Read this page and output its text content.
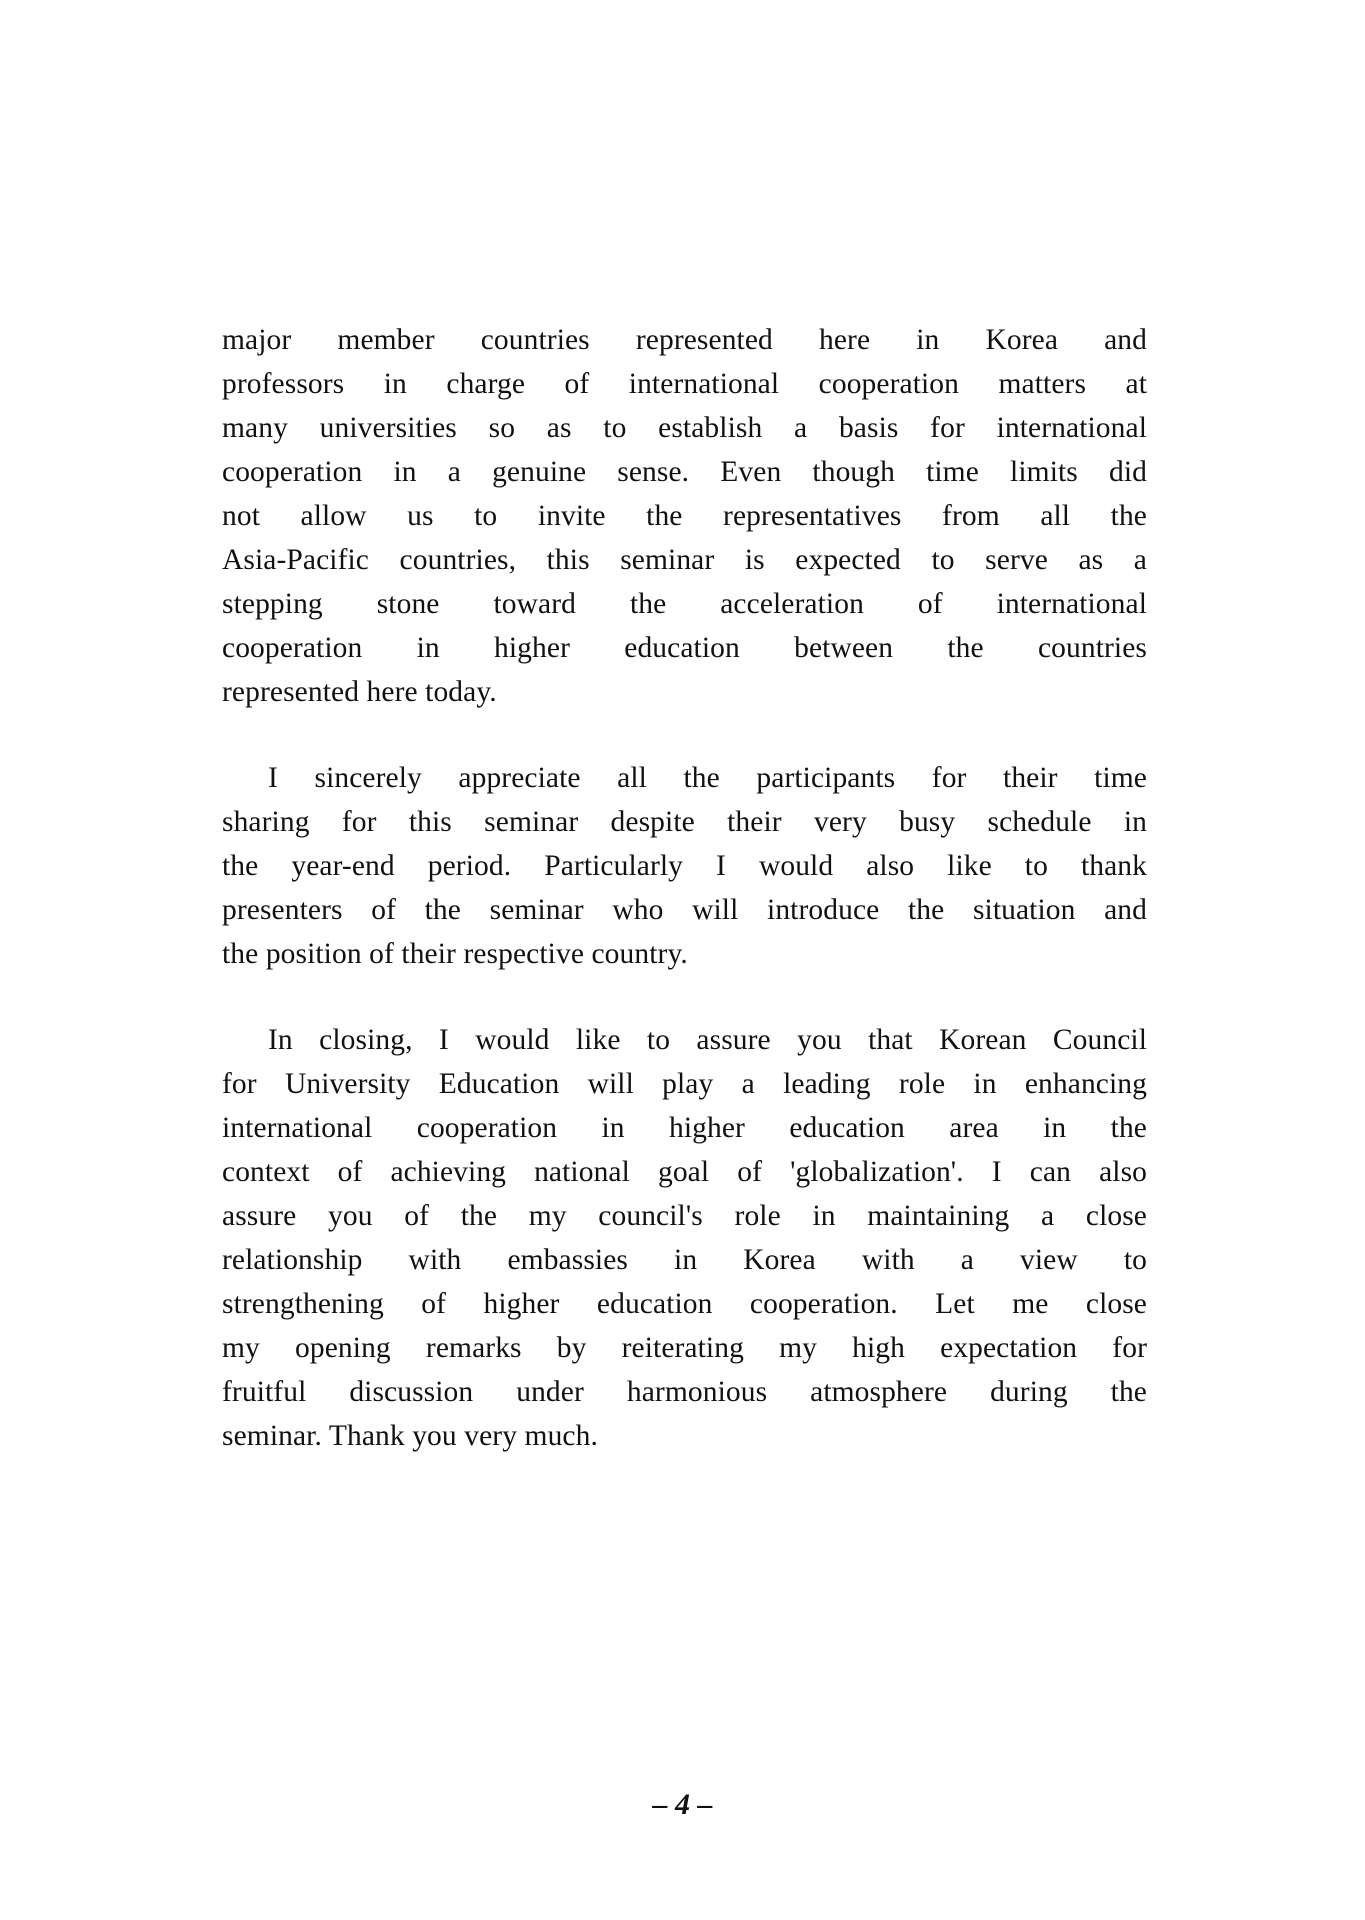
major member countries represented here in Korea and
professors in charge of international cooperation matters at
many universities so as to establish a basis for international
cooperation in a genuine sense. Even though time limits did
not allow us to invite the representatives from all the
Asia-Pacific countries, this seminar is expected to serve as a
stepping stone toward the acceleration of international
cooperation in higher education between the countries
represented here today.

I sincerely appreciate all the participants for their time
sharing for this seminar despite their very busy schedule in
the year-end period. Particularly I would also like to thank
presenters of the seminar who will introduce the situation and
the position of their respective country.

In closing, I would like to assure you that Korean Council
for University Education will play a leading role in enhancing
international cooperation in higher education area in the
context of achieving national goal of 'globalization'. I can also
assure you of the my council's role in maintaining a close
relationship with embassies in Korea with a view to
strengthening of higher education cooperation. Let me close
my opening remarks by reiterating my high expectation for
fruitful discussion under harmonious atmosphere during the
seminar. Thank you very much.

– 4 –
